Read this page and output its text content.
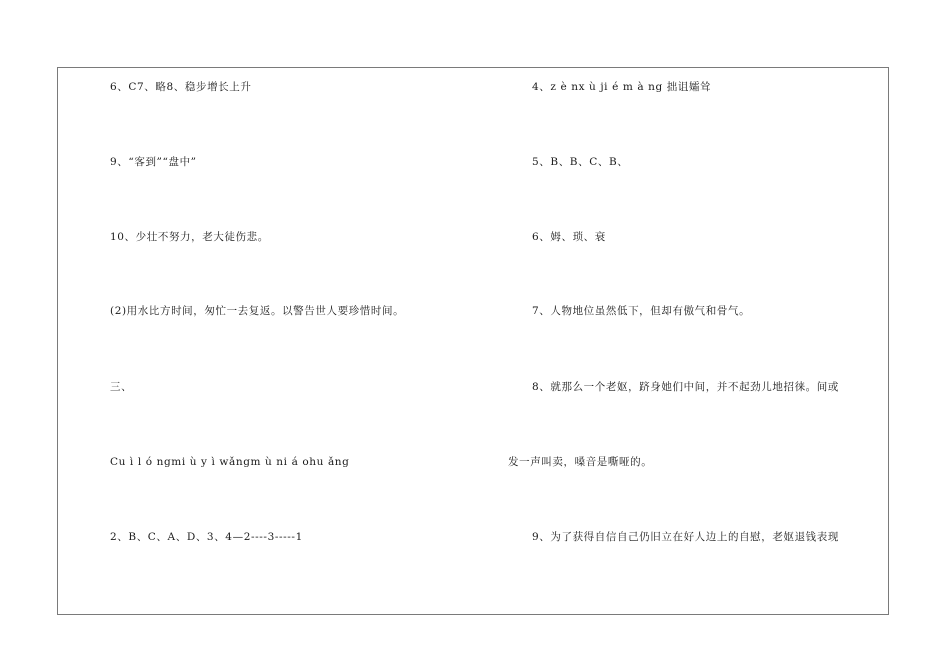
6、C7、略8、稳步增长上升
9、“客到”“盘中”
10、少壮不努力，老大徒伤悲。
(2)用水比方时间，匆忙一去复返。以警告世人要珍惜时间。
三、
Cu ì l ó ngmi ù y ì wǎngm ù ni á ohu ǎng
2、B、C、A、D、3、4—2----3-----1
4、z è nx ù ji é m à ng 拙诅孀耸
5、B、B、C、B、
6、姆、琐、衰
7、人物地位虽然低下，但却有傲气和骨气。
8、就那么一个老妪，跻身她们中间，并不起劲儿地招徕。间或
发一声叫卖，嗓音是嘶哑的。
9、为了获得自信自己仍旧立在好人边上的自慰，老妪退钱表现
